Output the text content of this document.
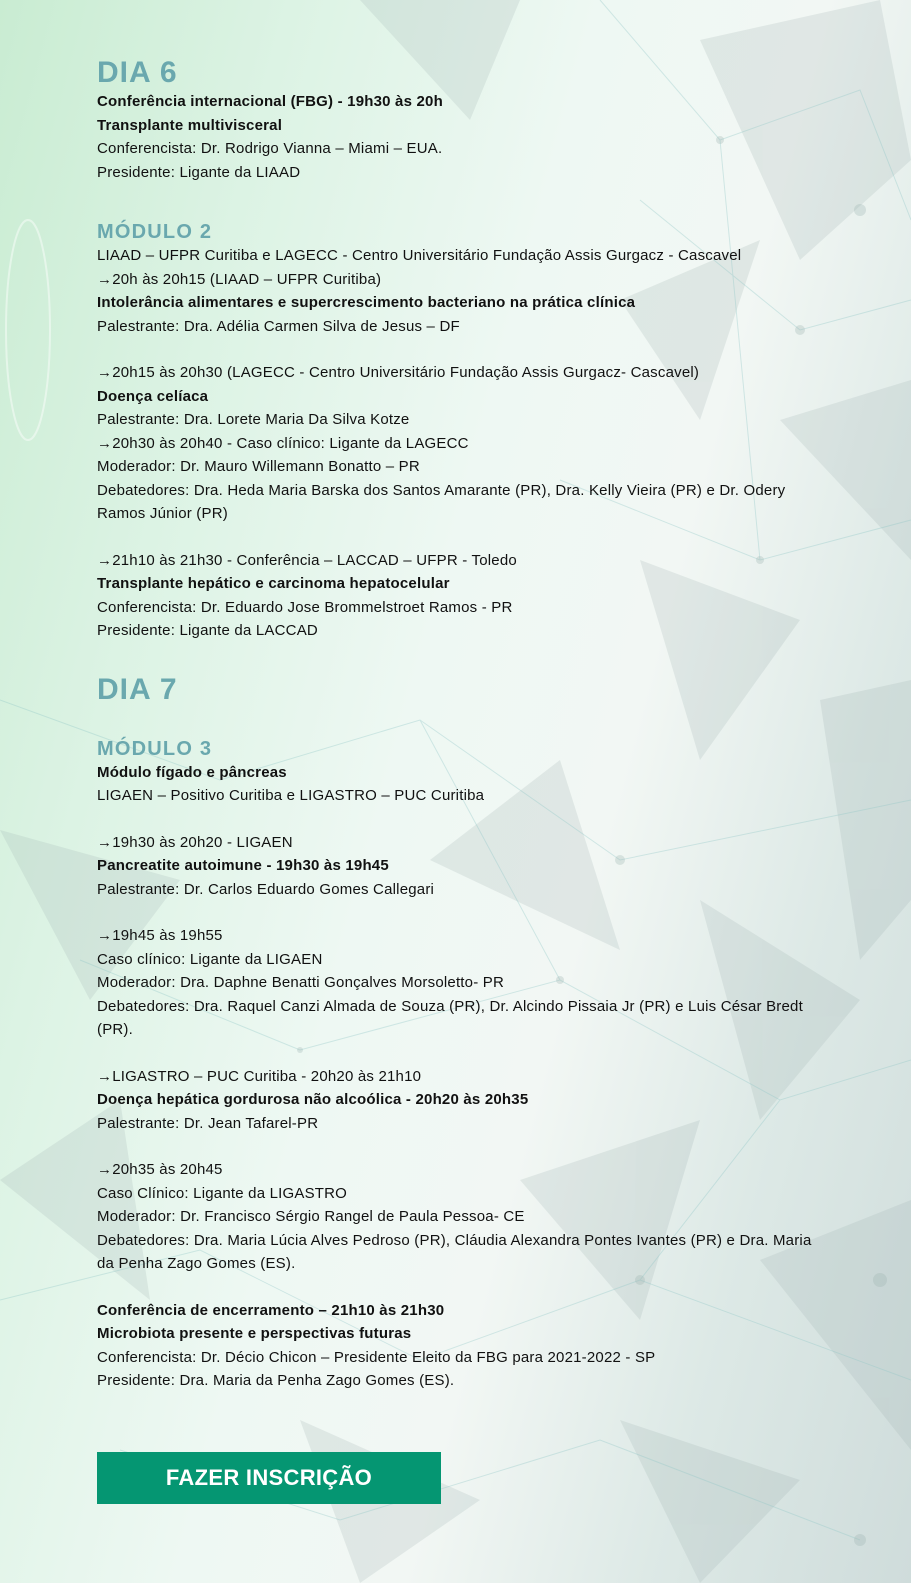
DIA 6

Conferência internacional (FBG) - 19h30 às 20h

Transplante multivisceral

Conferencista: Dr. Rodrigo Vianna – Miami – EUA.

Presidente: Ligante da LIAAD

MÓDULO 2

LIAAD – UFPR Curitiba e LAGECC - Centro Universitário Fundação Assis Gurgacz - Cascavel

→20h às 20h15 (LIAAD – UFPR Curitiba)

Intolerância alimentares e supercrescimento bacteriano na prática clínica

Palestrante: Dra. Adélia Carmen Silva de Jesus – DF

→20h15 às 20h30 (LAGECC - Centro Universitário Fundação Assis Gurgacz- Cascavel)

Doença celíaca

Palestrante: Dra. Lorete Maria Da Silva Kotze

→20h30 às 20h40 - Caso clínico: Ligante da LAGECC

Moderador: Dr. Mauro Willemann Bonatto – PR

Debatedores: Dra. Heda Maria Barska dos Santos Amarante (PR), Dra. Kelly Vieira (PR) e Dr. Odery Ramos Júnior (PR)

→21h10 às 21h30 - Conferência – LACCAD – UFPR - Toledo

Transplante hepático e carcinoma hepatocelular

Conferencista: Dr. Eduardo Jose Brommelstroet Ramos - PR

Presidente: Ligante da LACCAD

DIA 7
MÓDULO 3

Módulo fígado e pâncreas

LIGAEN – Positivo Curitiba e LIGASTRO – PUC Curitiba

→19h30 às 20h20 - LIGAEN

Pancreatite autoimune - 19h30 às 19h45

Palestrante: Dr. Carlos Eduardo Gomes Callegari

→19h45 às 19h55

Caso clínico: Ligante da LIGAEN

Moderador: Dra. Daphne Benatti Gonçalves Morsoletto- PR

Debatedores: Dra. Raquel Canzi Almada de Souza (PR), Dr. Alcindo Pissaia Jr (PR) e Luis César Bredt (PR).

→LIGASTRO – PUC Curitiba - 20h20 às 21h10

Doença hepática gordurosa não alcoólica - 20h20 às 20h35

Palestrante: Dr. Jean Tafarel-PR

→20h35 às 20h45

Caso Clínico: Ligante da LIGASTRO

Moderador: Dr. Francisco Sérgio Rangel de Paula Pessoa- CE

Debatedores: Dra. Maria Lúcia Alves Pedroso (PR), Cláudia Alexandra Pontes Ivantes (PR) e Dra. Maria da Penha Zago Gomes (ES).

Conferência de encerramento – 21h10 às 21h30

Microbiota presente e perspectivas futuras

Conferencista: Dr. Décio Chicon – Presidente Eleito da FBG para 2021-2022 - SP

Presidente: Dra. Maria da Penha Zago Gomes (ES).

FAZER INSCRIÇÃO
